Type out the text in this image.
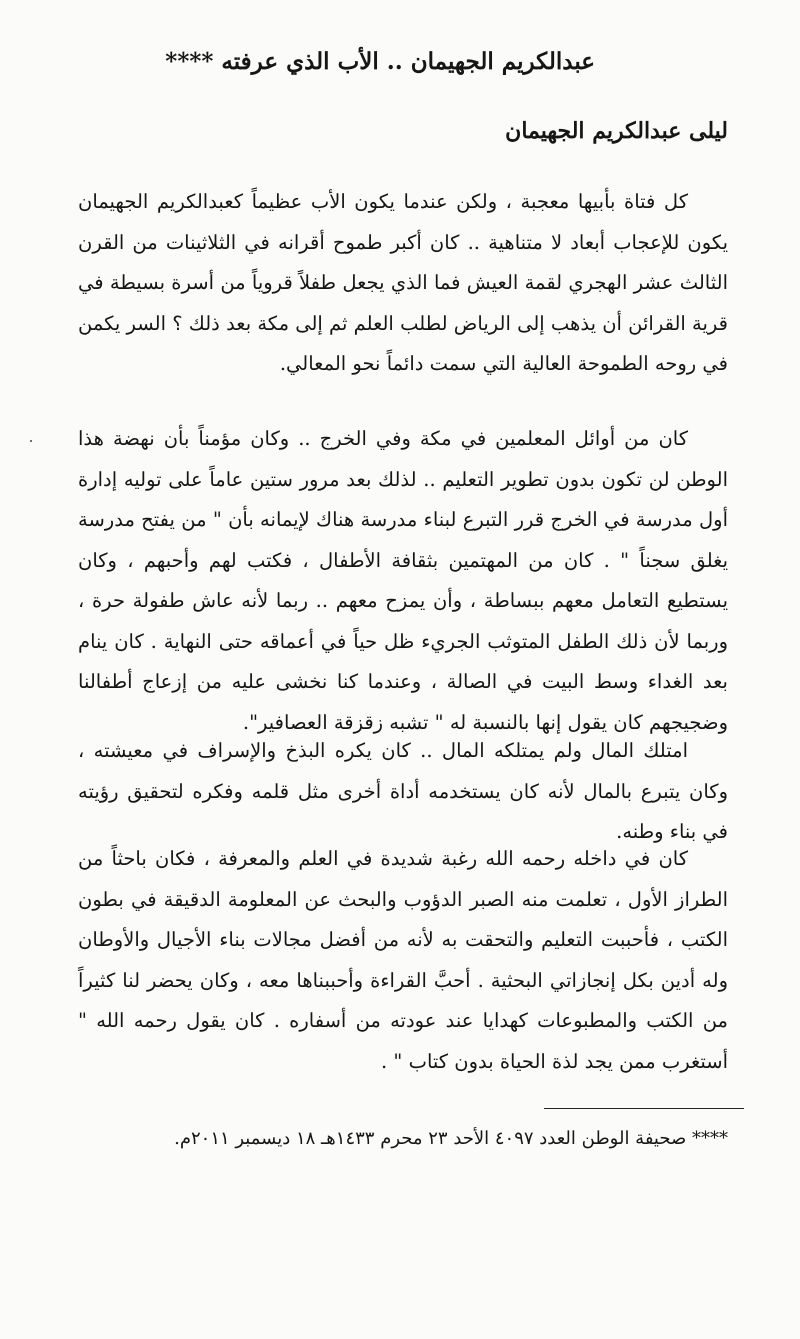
عبدالكريم الجهيمان .. الأب الذي عرفته ****
ليلى عبدالكريم الجهيمان
كل فتاة بأبيها معجبة ، ولكن عندما يكون الأب عظيماً كعبدالكريم الجهيمان يكون للإعجاب أبعاد لا متناهية .. كان أكبر طموح أقرانه في الثلاثينات من القرن الثالث عشر الهجري لقمة العيش فما الذي يجعل طفلاً قروياً من أسرة بسيطة في قرية القرائن أن يذهب إلى الرياض لطلب العلم ثم إلى مكة بعد ذلك ؟ السر يكمن في روحه الطموحة العالية التي سمت دائماً نحو المعالي.
كان من أوائل المعلمين في مكة وفي الخرج .. وكان مؤمناً بأن نهضة هذا الوطن لن تكون بدون تطوير التعليم .. لذلك بعد مرور ستين عاماً على توليه إدارة أول مدرسة في الخرج قرر التبرع لبناء مدرسة هناك لإيمانه بأن " من يفتح مدرسة يغلق سجناً " . كان من المهتمين بثقافة الأطفال ، فكتب لهم وأحبهم ، وكان يستطيع التعامل معهم ببساطة ، وأن يمزح معهم .. ربما لأنه عاش طفولة حرة ، وربما لأن ذلك الطفل المتوثب الجريء ظل حياً في أعماقه حتى النهاية . كان ينام بعد الغداء وسط البيت في الصالة ، وعندما كنا نخشى عليه من إزعاج أطفالنا وضجيجهم كان يقول إنها بالنسبة له " تشبه زقزقة العصافير".
امتلك المال ولم يمتلكه المال .. كان يكره البذخ والإسراف في معيشته ، وكان يتبرع بالمال لأنه كان يستخدمه أداة أخرى مثل قلمه وفكره لتحقيق رؤيته في بناء وطنه.
كان في داخله رحمه الله رغبة شديدة في العلم والمعرفة ، فكان باحثاً من الطراز الأول ، تعلمت منه الصبر الدؤوب والبحث عن المعلومة الدقيقة في بطون الكتب ، فأحببت التعليم والتحقت به لأنه من أفضل مجالات بناء الأجيال والأوطان وله أدين بكل إنجازاتي البحثية . أحبَّ القراءة وأحببناها معه ، وكان يحضر لنا كثيراً من الكتب والمطبوعات كهدايا عند عودته من أسفاره . كان يقول رحمه الله " أستغرب ممن يجد لذة الحياة بدون كتاب " .
**** صحيفة الوطن العدد ٤٠٩٧ الأحد ٢٣ محرم ١٤٣٣هـ ١٨ ديسمبر ٢٠١١م.
